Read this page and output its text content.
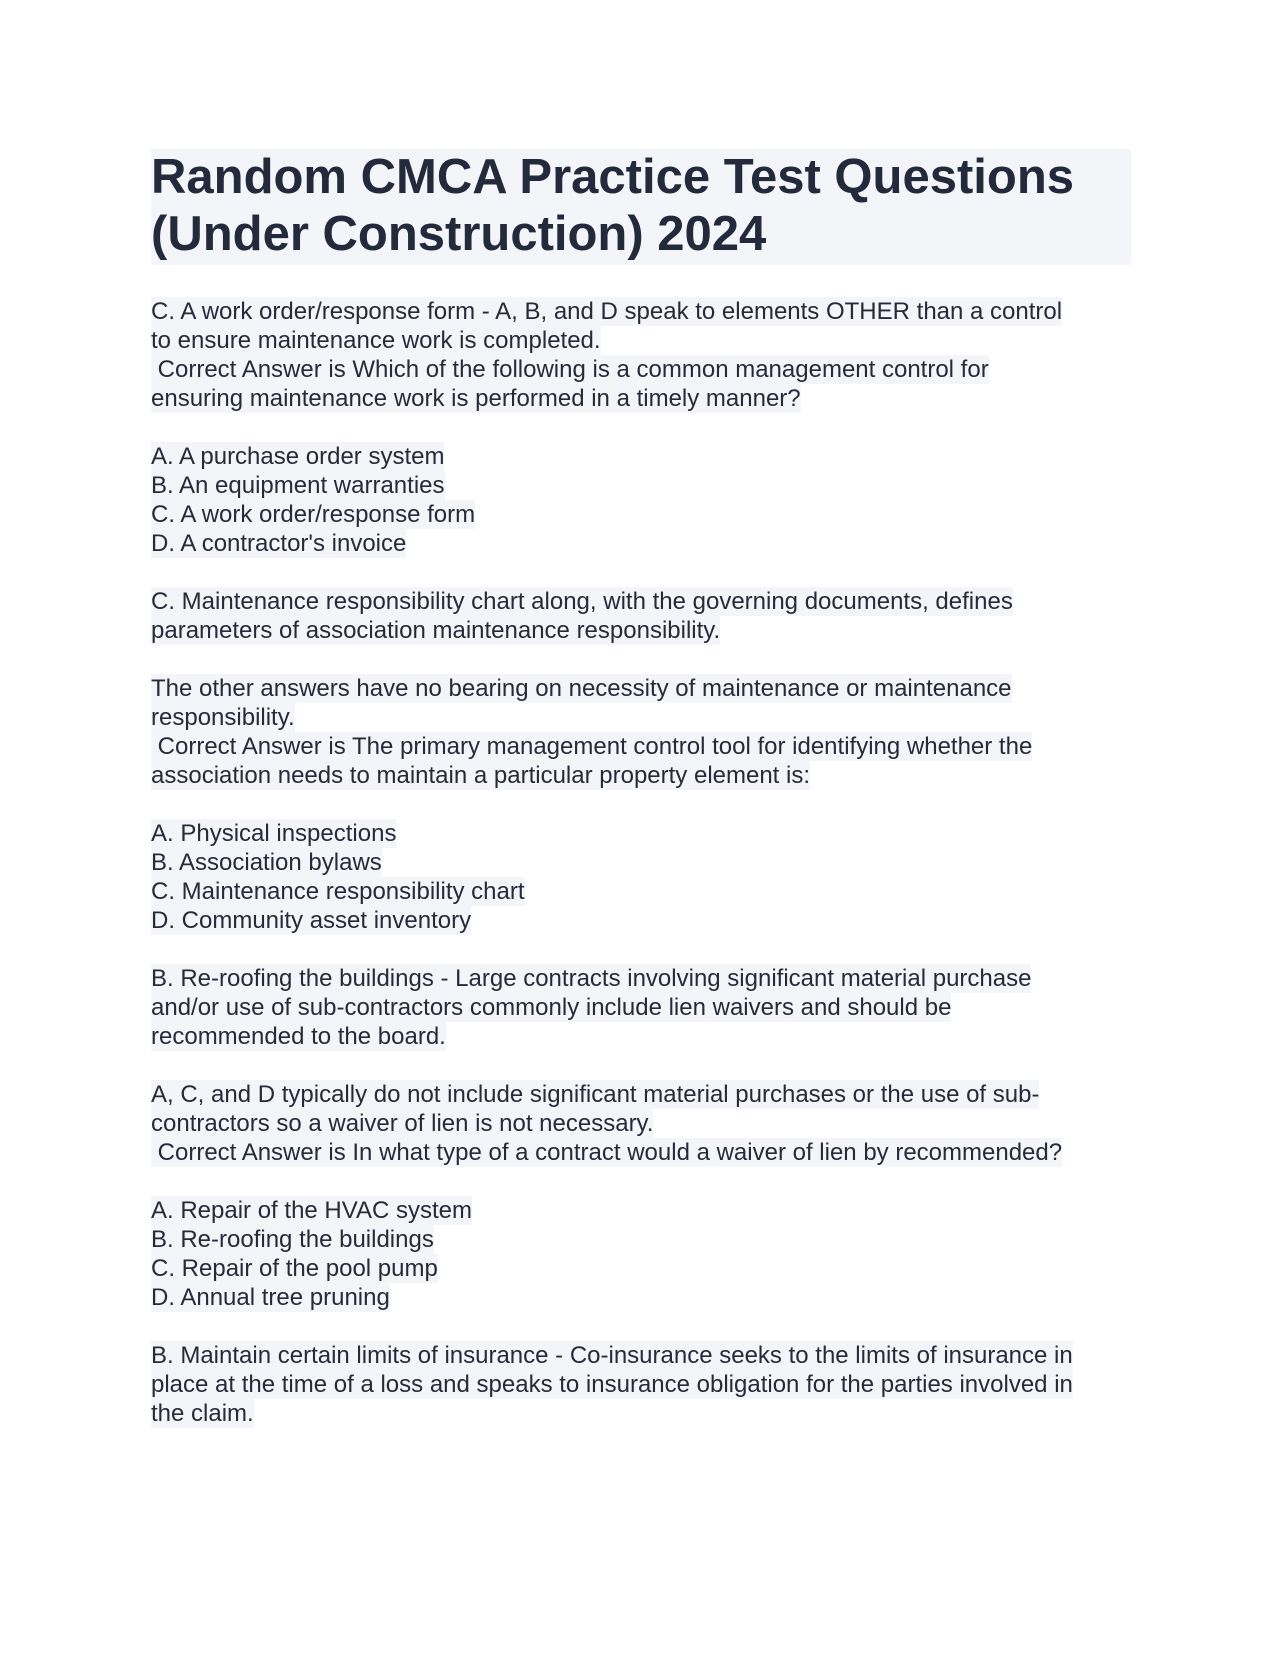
Random CMCA Practice Test Questions
(Under Construction) 2024
C. A work order/response form - A, B, and D speak to elements OTHER than a control
to ensure maintenance work is completed.
Correct Answer is Which of the following is a common management control for
ensuring maintenance work is performed in a timely manner?
A. A purchase order system
B. An equipment warranties
C. A work order/response form
D. A contractor's invoice
C. Maintenance responsibility chart along, with the governing documents, defines
parameters of association maintenance responsibility.
The other answers have no bearing on necessity of maintenance or maintenance
responsibility.
Correct Answer is The primary management control tool for identifying whether the
association needs to maintain a particular property element is:
A. Physical inspections
B. Association bylaws
C. Maintenance responsibility chart
D. Community asset inventory
B. Re-roofing the buildings - Large contracts involving significant material purchase
and/or use of sub-contractors commonly include lien waivers and should be
recommended to the board.
A, C, and D typically do not include significant material purchases or the use of sub-
contractors so a waiver of lien is not necessary.
Correct Answer is In what type of a contract would a waiver of lien by recommended?
A. Repair of the HVAC system
B. Re-roofing the buildings
C. Repair of the pool pump
D. Annual tree pruning
B. Maintain certain limits of insurance - Co-insurance seeks to the limits of insurance in
place at the time of a loss and speaks to insurance obligation for the parties involved in
the claim.
